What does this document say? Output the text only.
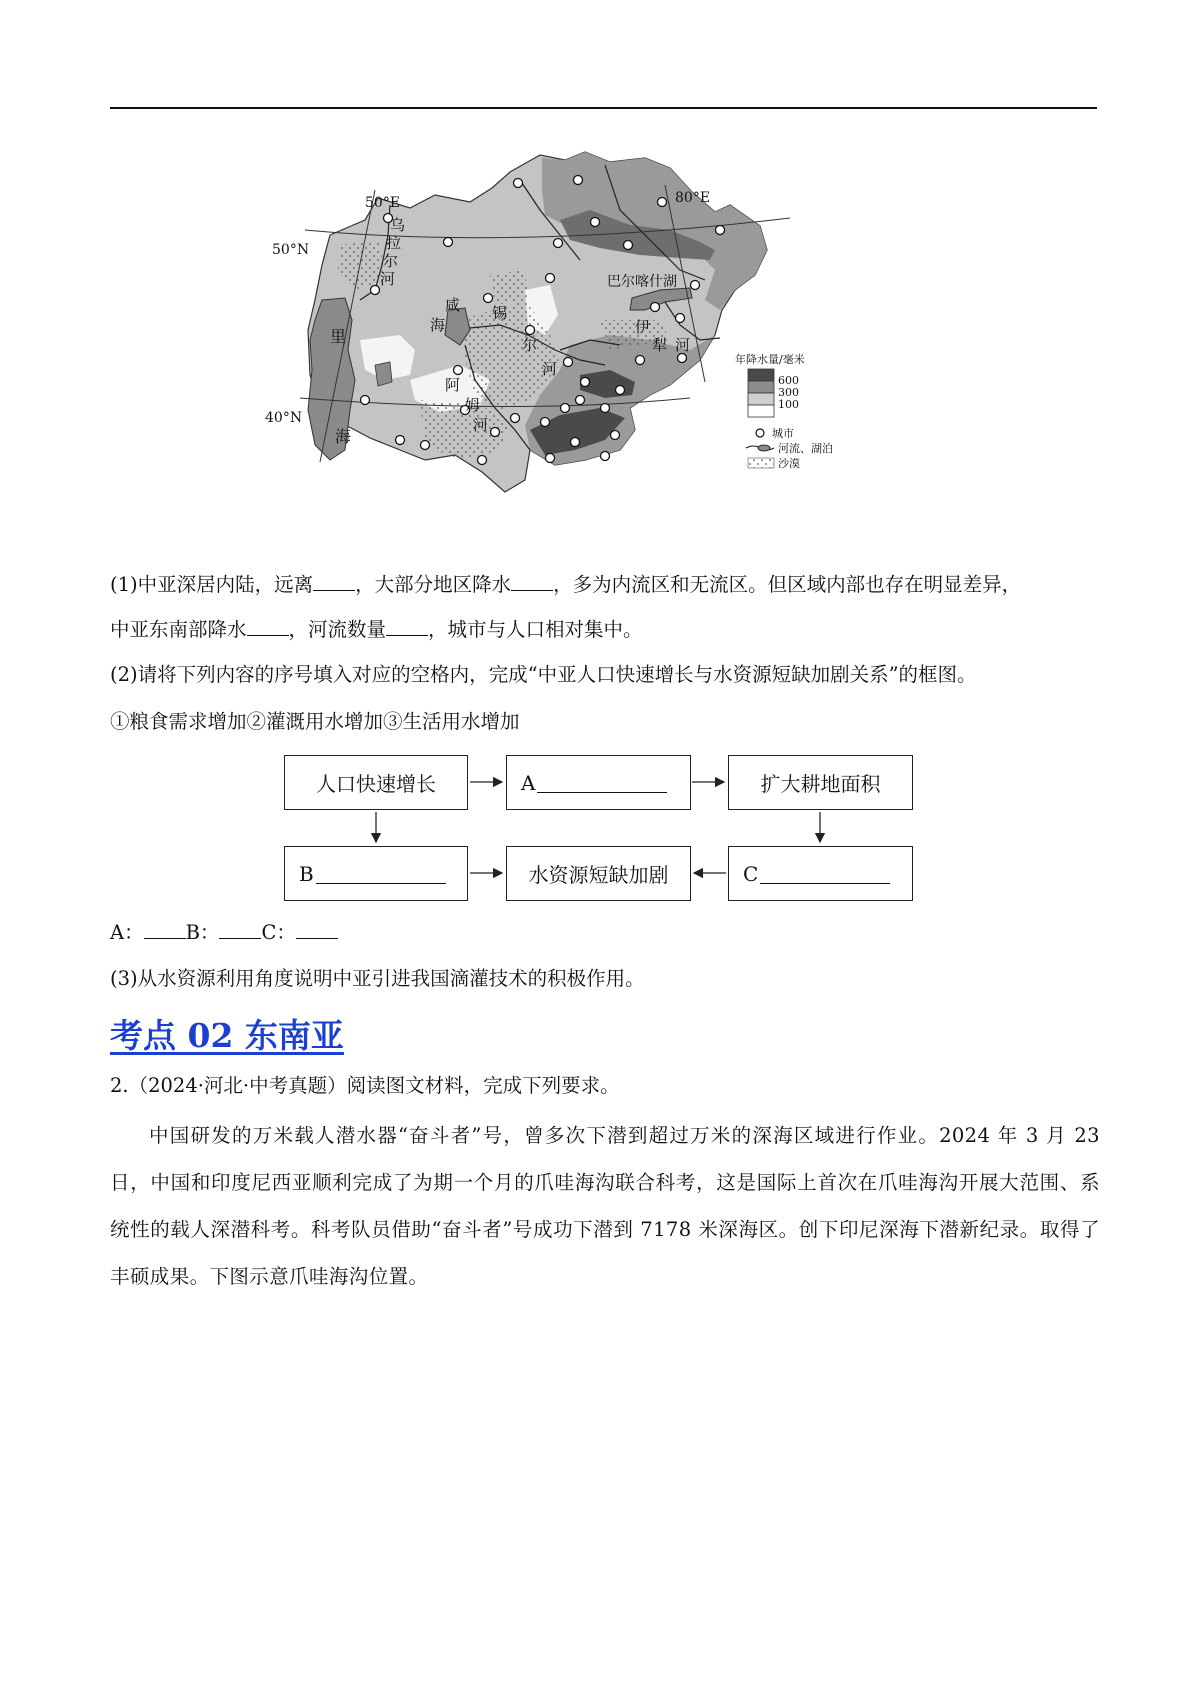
50°E	80°E
50°N
40°N
乌
拉
尔
河
里
海
咸
海
锡
尔
河
阿
姆
河
巴尔喀什湖
伊
犁 河
年降水量/毫米
600
300
100
城市
河流、湖泊
沙漠
(1)中亚深居内陆，远离 ，大部分地区降水 ，多为内流区和无流区。但区域内部也存在明显差异，
中亚东南部降水 ，河流数量 ，城市与人口相对集中。
(2)请将下列内容的序号填入对应的空格内，完成“中亚人口快速增长与水资源短缺加剧关系”的框图。
①粮食需求增加②灌溉用水增加③生活用水增加
人口快速增长	A	扩大耕地面积
B	水资源短缺加剧	C
A： B： C：
(3)从水资源利用角度说明中亚引进我国滴灌技术的积极作用。
考点 02 东南亚
2.（2024·河北·中考真题）阅读图文材料，完成下列要求。
中国研发的万米载人潜水器“奋斗者”号，曾多次下潜到超过万米的深海区域进行作业。2024 年 3 月 23 日，中国和印度尼西亚顺利完成了为期一个月的爪哇海沟联合科考，这是国际上首次在爪哇海沟开展大范围、系统性的载人深潜科考。科考队员借助“奋斗者”号成功下潜到 7178 米深海区。创下印尼深海下潜新纪录。取得了丰硕成果。下图示意爪哇海沟位置。
